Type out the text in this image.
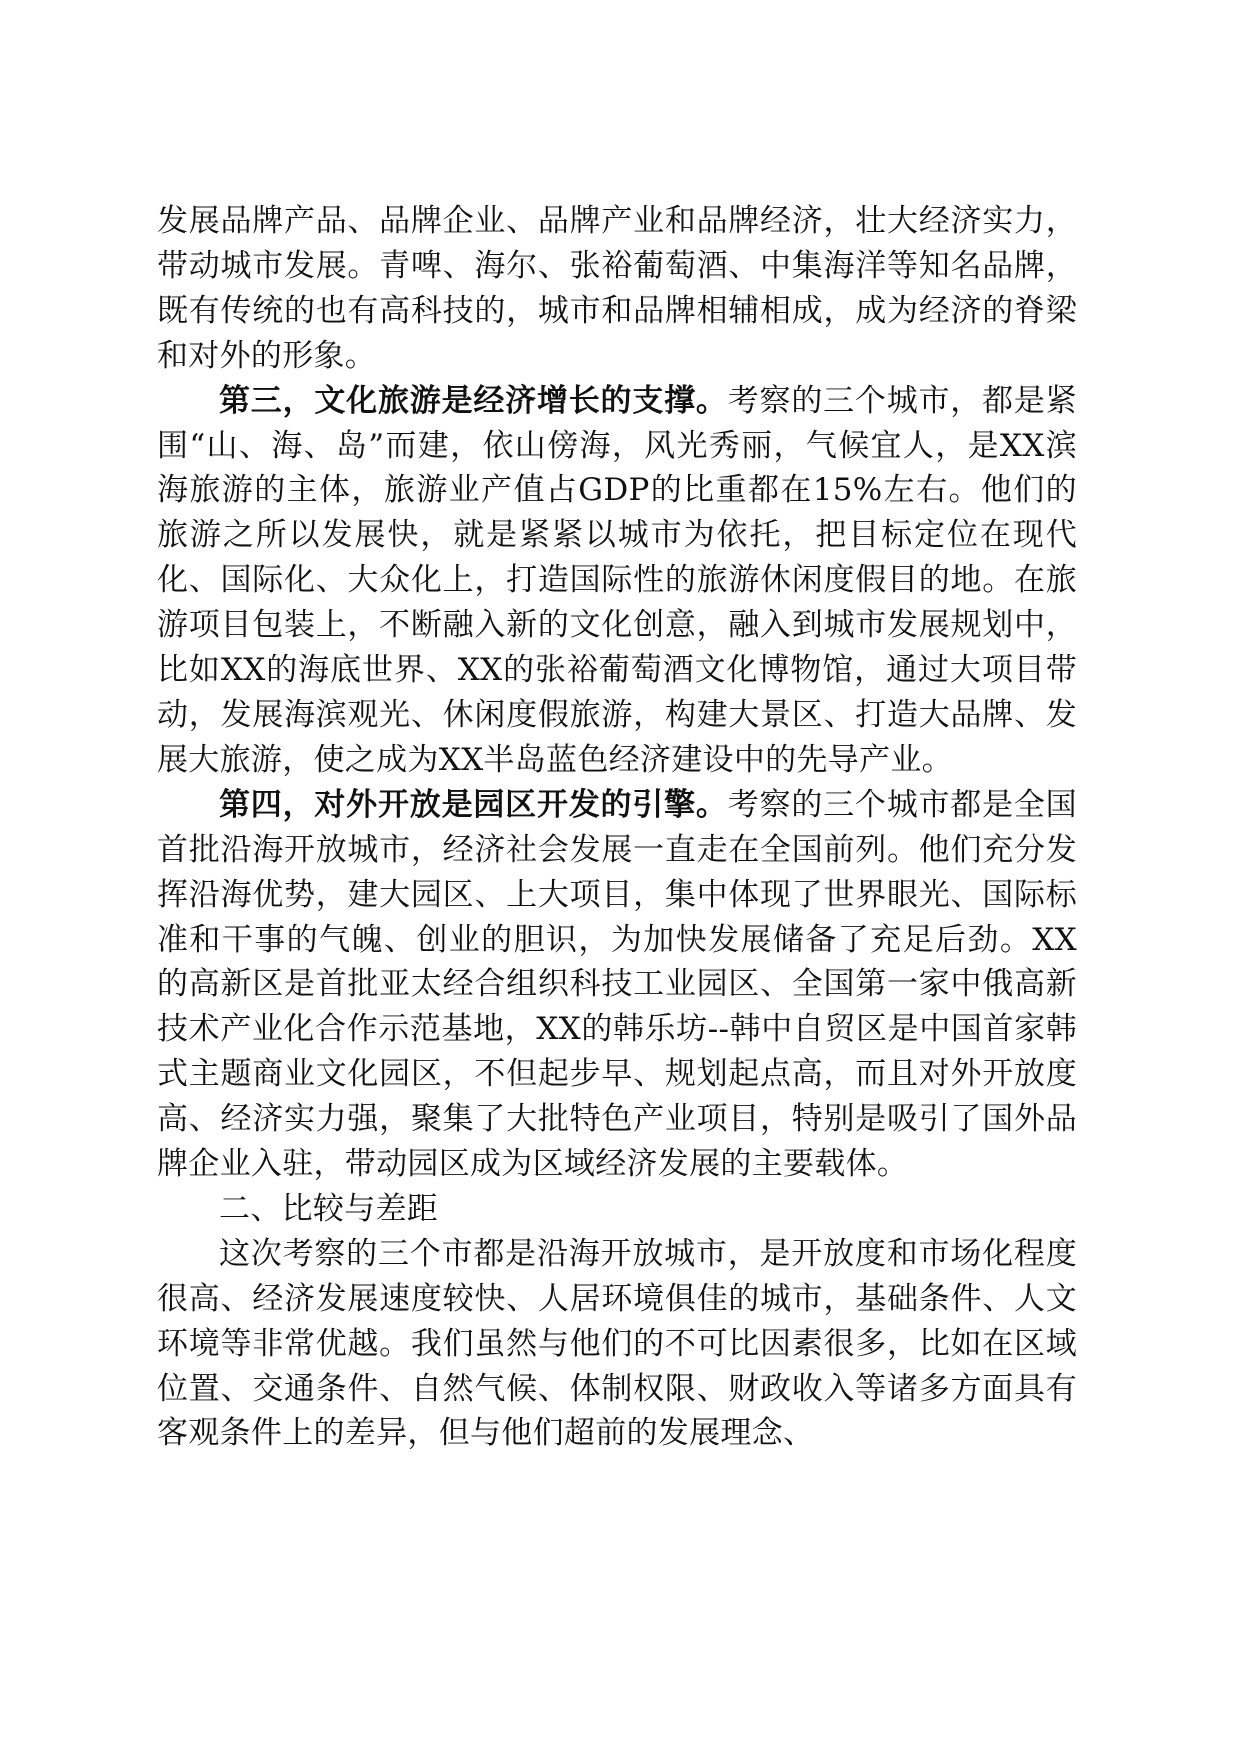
发展品牌产品、品牌企业、品牌产业和品牌经济，壮大经济实力，带动城市发展。青啤、海尔、张裕葡萄酒、中集海洋等知名品牌，既有传统的也有高科技的，城市和品牌相辅相成，成为经济的脊梁和对外的形象。

第三，文化旅游是经济增长的支撑。考察的三个城市，都是紧围“山、海、岛”而建，依山傍海，风光秀丽，气候宜人，是XX滨海旅游的主体，旅游业产值占GDP的比重都在15%左右。他们的旅游之所以发展快，就是紧紧以城市为依托，把目标定位在现代化、国际化、大众化上，打造国际性的旅游休闲度假目的地。在旅游项目包装上，不断融入新的文化创意，融入到城市发展规划中，比如XX的海底世界、XX的张裕葡萄酒文化博物馆，通过大项目带动，发展海滨观光、休闲度假旅游，构建大景区、打造大品牌、发展大旅游，使之成为XX半岛蓝色经济建设中的先导产业。

第四，对外开放是园区开发的引擎。考察的三个城市都是全国首批沿海开放城市，经济社会发展一直走在全国前列。他们充分发挥沿海优势，建大园区、上大项目，集中体现了世界眼光、国际标准和干事的气魄、创业的胆识，为加快发展储备了充足后劲。XX的高新区是首批亚太经合组织科技工业园区、全国第一家中俄高新技术产业化合作示范基地，XX的韩乐坊--韩中自贸区是中国首家韩式主题商业文化园区，不但起步早、规划起点高，而且对外开放度高、经济实力强，聚集了大批特色产业项目，特别是吸引了国外品牌企业入驻，带动园区成为区域经济发展的主要载体。

二、比较与差距

这次考察的三个市都是沿海开放城市，是开放度和市场化程度很高、经济发展速度较快、人居环境俱佳的城市，基础条件、人文环境等非常优越。我们虽然与他们的不可比因素很多，比如在区域位置、交通条件、自然气候、体制权限、财政收入等诸多方面具有客观条件上的差异，但与他们超前的发展理念、
